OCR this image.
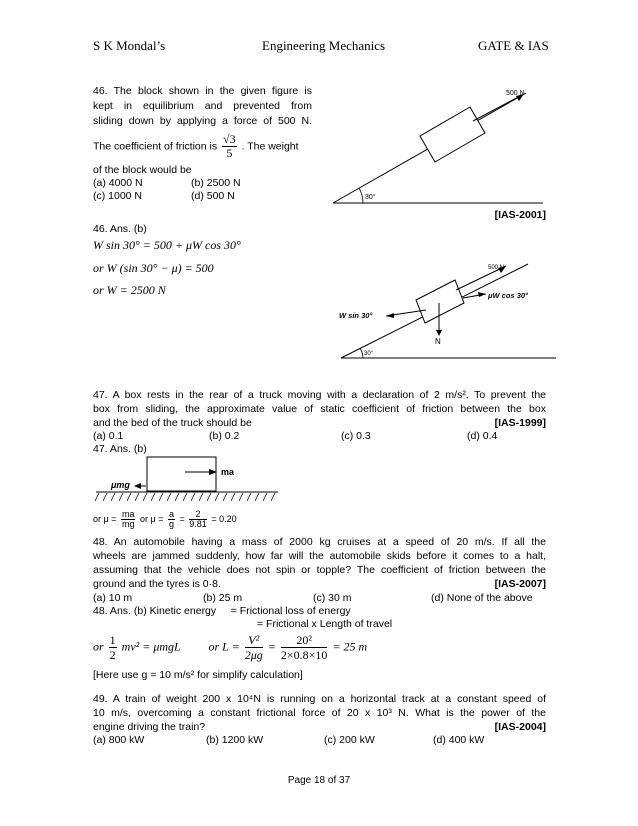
S K Mondal’s	Engineering Mechanics	GATE & IAS
46. The block shown in the given figure is
kept in equilibrium and prevented from
sliding down by applying a force of 500 N.
The coefficient of friction is $\frac{√3}{5}$ . The weight
of the block would be
(a) 4000 N	(b) 2500 N
(c) 1000 N	(d) 500 N
[IAS-2001]
46. Ans. (b)
W sin 30° = 500 + μW cos 30°
or W (sin 30° − μ) = 500
or W = 2500 N
30°
500 N
30°
500 N
N
W sin 30°
μW cos 30°
47. A box rests in the rear of a truck moving with a declaration of 2 m/s². To prevent the
box from sliding, the approximate value of static coefficient of friction between the box
and the bed of the truck should be	[IAS-1999]
(a) 0.1	(b) 0.2	(c) 0.3	(d) 0.4
47. Ans. (b)
ma
μmg
or $\mu = \frac{ma}{mg}$ or $\mu = \frac{a}{g} = \frac{2}{9.81} = 0.20$
48. An automobile having a mass of 2000 kg cruises at a speed of 20 m/s. If all the
wheels are jammed suddenly, how far will the automobile skids before it comes to a halt,
assuming that the vehicle does not spin or topple? The coefficient of friction between the
ground and the tyres is 0·8.	[IAS-2007]
(a) 10 m	(b) 25 m	(c) 30 m	(d) None of the above
48. Ans. (b) Kinetic energy     = Frictional loss of energy
= Frictional x Length of travel
or $\frac{1}{2} mv^2 = \mu mgL$ or $L = \frac{\text{V²}}{2\mu g} = \frac{\text{20²}}{2\times 0.8\times 10} = 25$ m
[Here use g = 10 m/s² for simplify calculation]
49. A train of weight 200 x 10⁴N is running on a horizontal track at a constant speed of
10 m/s, overcoming a constant frictional force of 20 x 10³ N. What is the power of the
engine driving the train?	[IAS-2004]
(a) 800 kW	(b) 1200 kW	(c) 200 kW	(d) 400 kW
Page 18 of 37
